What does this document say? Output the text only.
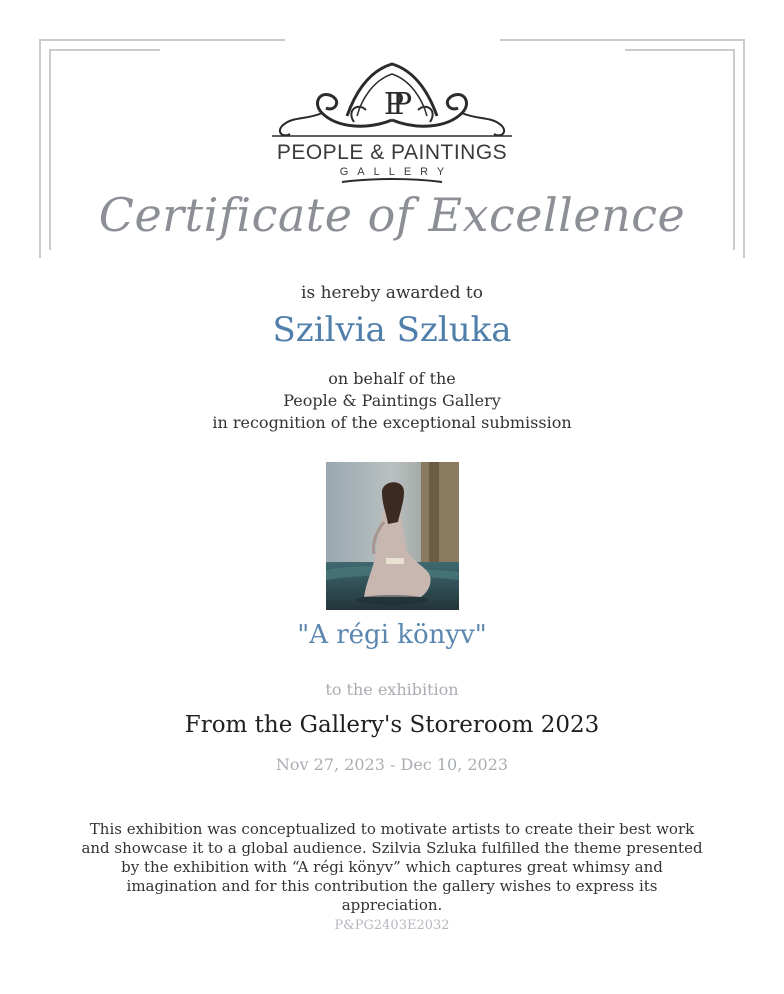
PP
PEOPLE & PAINTINGS
GALLERY
Certificate of Excellence
is hereby awarded to
Szilvia Szluka
on behalf of the
People & Paintings Gallery
in recognition of the exceptional submission
"A régi könyv"
to the exhibition
From the Gallery's Storeroom 2023
Nov 27, 2023 - Dec 10, 2023
This exhibition was conceptualized to motivate artists to create their best work and showcase it to a global audience. Szilvia Szluka fulfilled the theme presented by the exhibition with “A régi könyv” which captures great whimsy and imagination and for this contribution the gallery wishes to express its appreciation.
P&PG2403E2032
